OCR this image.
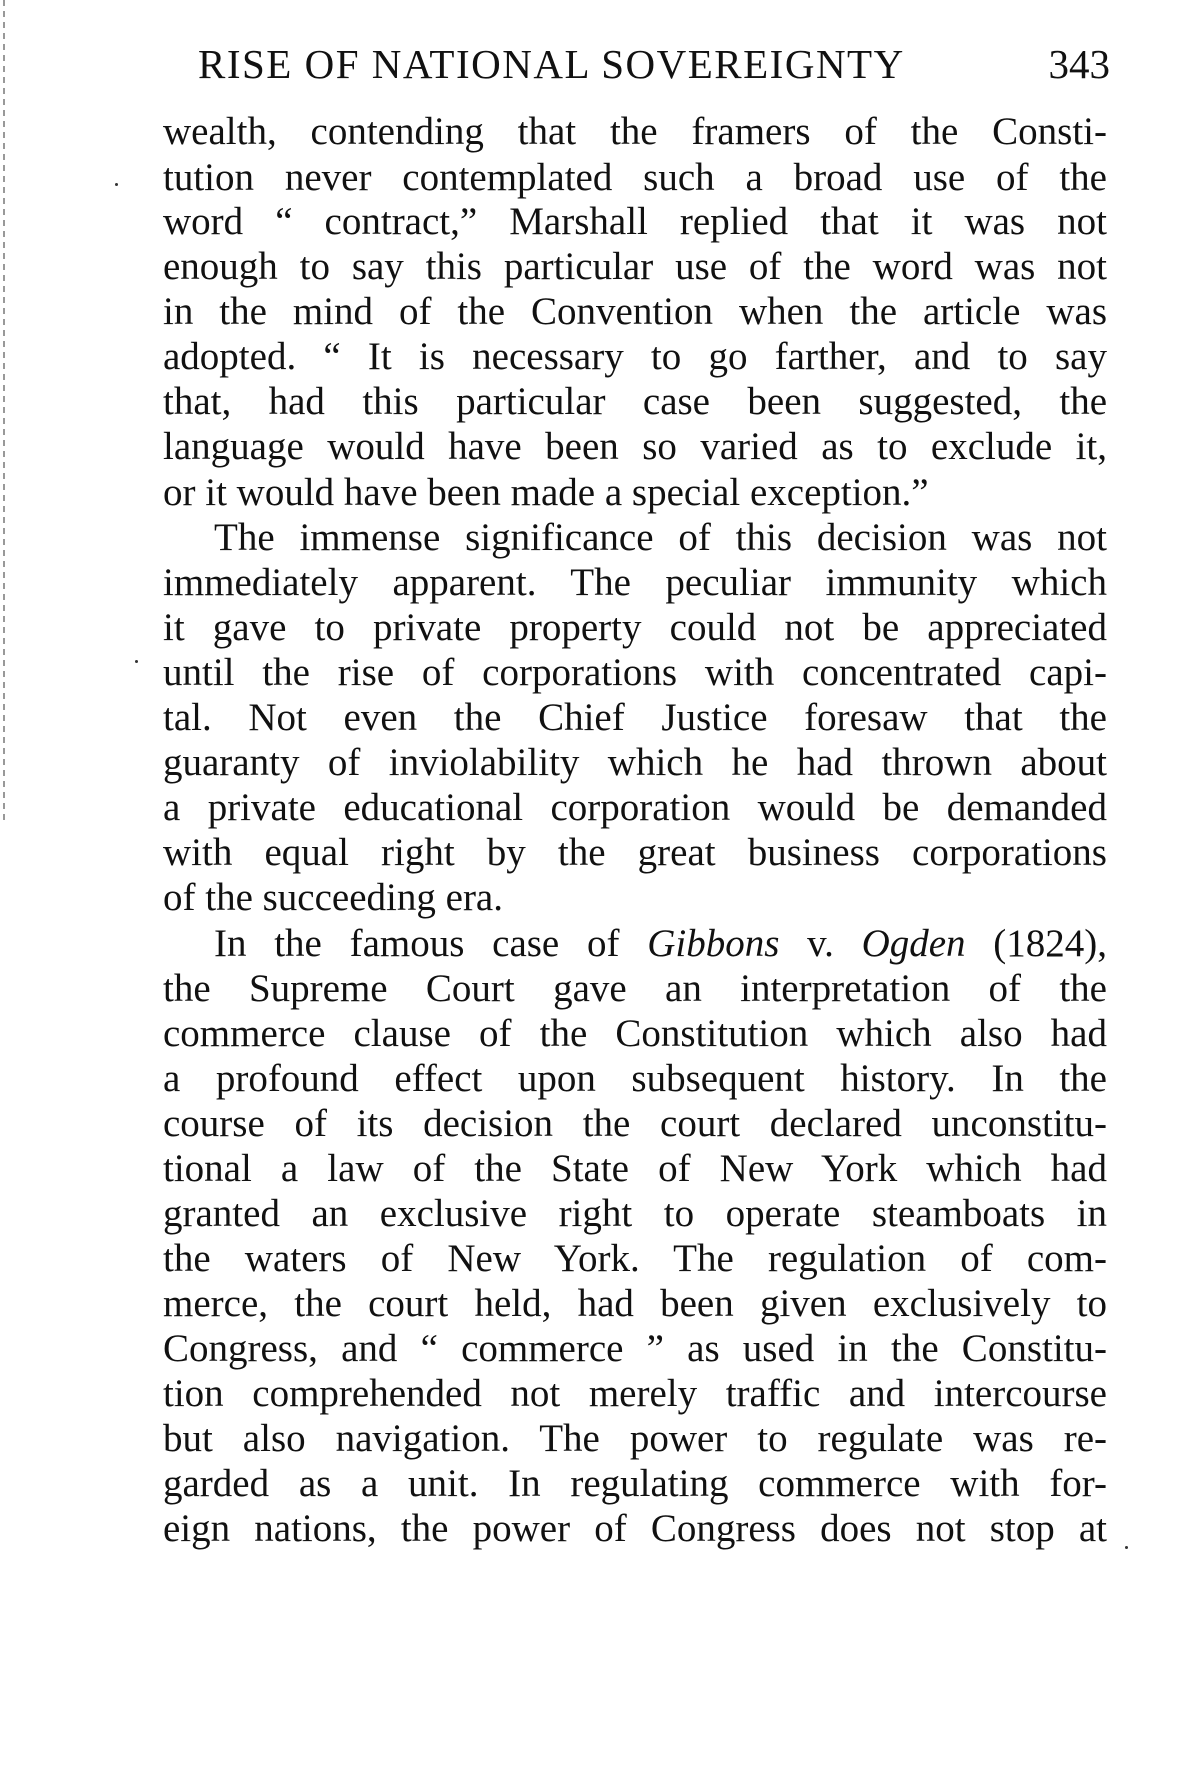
RISE OF NATIONAL SOVEREIGNTY	343
wealth, contending that the framers of the Consti-
tution never contemplated such a broad use of the
word “ contract,” Marshall replied that it was not
enough to say this particular use of the word was not
in the mind of the Convention when the article was
adopted. “ It is necessary to go farther, and to say
that, had this particular case been suggested, the
language would have been so varied as to exclude it,
or it would have been made a special exception.”
The immense significance of this decision was not
immediately apparent. The peculiar immunity which
it gave to private property could not be appreciated
until the rise of corporations with concentrated capi-
tal. Not even the Chief Justice foresaw that the
guaranty of inviolability which he had thrown about
a private educational corporation would be demanded
with equal right by the great business corporations
of the succeeding era.
In the famous case of Gibbons v. Ogden (1824),
the Supreme Court gave an interpretation of the
commerce clause of the Constitution which also had
a profound effect upon subsequent history. In the
course of its decision the court declared unconstitu-
tional a law of the State of New York which had
granted an exclusive right to operate steamboats in
the waters of New York. The regulation of com-
merce, the court held, had been given exclusively to
Congress, and “ commerce ” as used in the Constitu-
tion comprehended not merely traffic and intercourse
but also navigation. The power to regulate was re-
garded as a unit. In regulating commerce with for-
eign nations, the power of Congress does not stop at
